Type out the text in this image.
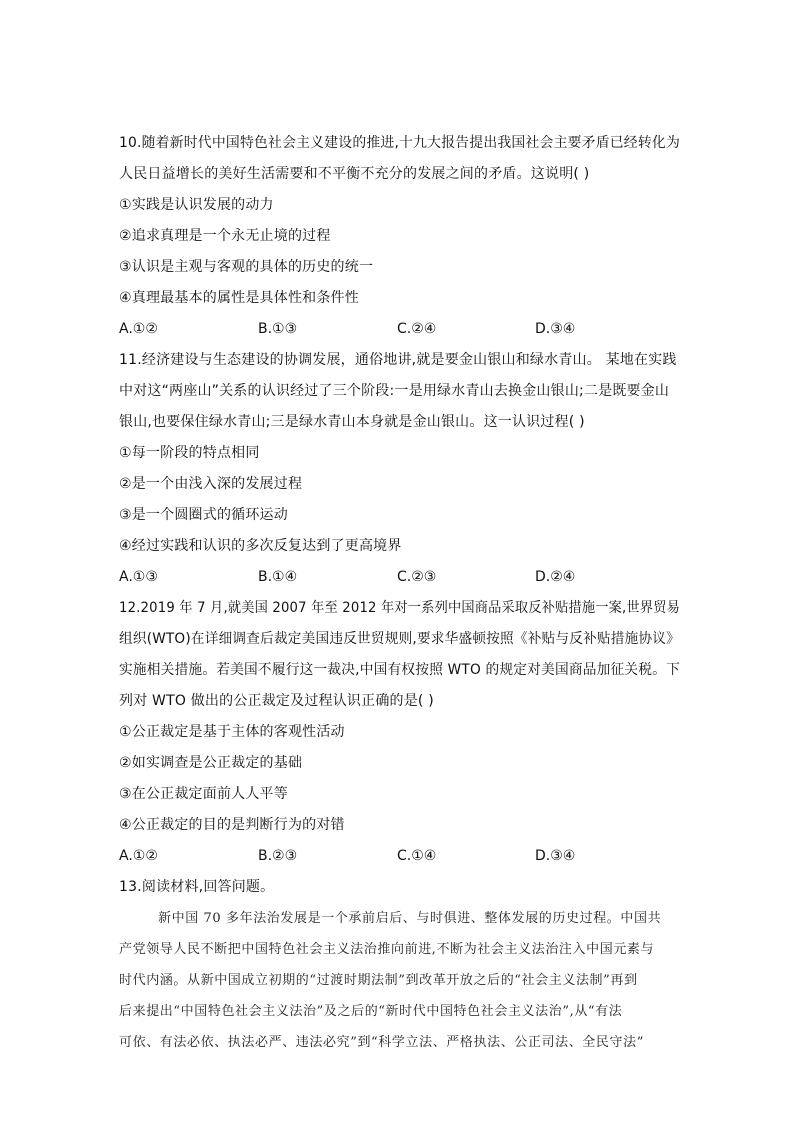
10.随着新时代中国特色社会主义建设的推进,十九大报告提出我国社会主要矛盾已经转化为
人民日益增长的美好生活需要和不平衡不充分的发展之间的矛盾。这说明( )
①实践是认识发展的动力
②追求真理是一个永无止境的过程
③认识是主观与客观的具体的历史的统一
④真理最基本的属性是具体性和条件性
A.①②	B.①③	C.②④	D.③④
11.经济建设与生态建设的协调发展，通俗地讲,就是要金山银山和绿水青山。 某地在实践
中对这“两座山”关系的认识经过了三个阶段:一是用绿水青山去换金山银山;二是既要金山
银山,也要保住绿水青山;三是绿水青山本身就是金山银山。这一认识过程( )
①每一阶段的特点相同
②是一个由浅入深的发展过程
③是一个圆圈式的循环运动
④经过实践和认识的多次反复达到了更高境界
A.①③	B.①④	C.②③	D.②④
12.2019 年 7 月,就美国 2007 年至 2012 年对一系列中国商品采取反补贴措施一案,世界贸易
组织(WTO)在详细调查后裁定美国违反世贸规则,要求华盛顿按照《补贴与反补贴措施协议》
实施相关措施。若美国不履行这一裁决,中国有权按照 WTO 的规定对美国商品加征关税。下
列对 WTO 做出的公正裁定及过程认识正确的是( )
①公正裁定是基于主体的客观性活动
②如实调查是公正裁定的基础
③在公正裁定面前人人平等
④公正裁定的目的是判断行为的对错
A.①②	B.②③	C.①④	D.③④
13.阅读材料,回答问题。
新中国 70 多年法治发展是一个承前启后、与时俱进、整体发展的历史过程。中国共
产党领导人民不断把中国特色社会主义法治推向前进,不断为社会主义法治注入中国元素与
时代内涵。从新中国成立初期的“过渡时期法制”到改革开放之后的“社会主义法制”再到
后来提出“中国特色社会主义法治”及之后的“新时代中国特色社会主义法治”,从“有法
可依、有法必依、执法必严、违法必究”到“科学立法、严格执法、公正司法、全民守法”
